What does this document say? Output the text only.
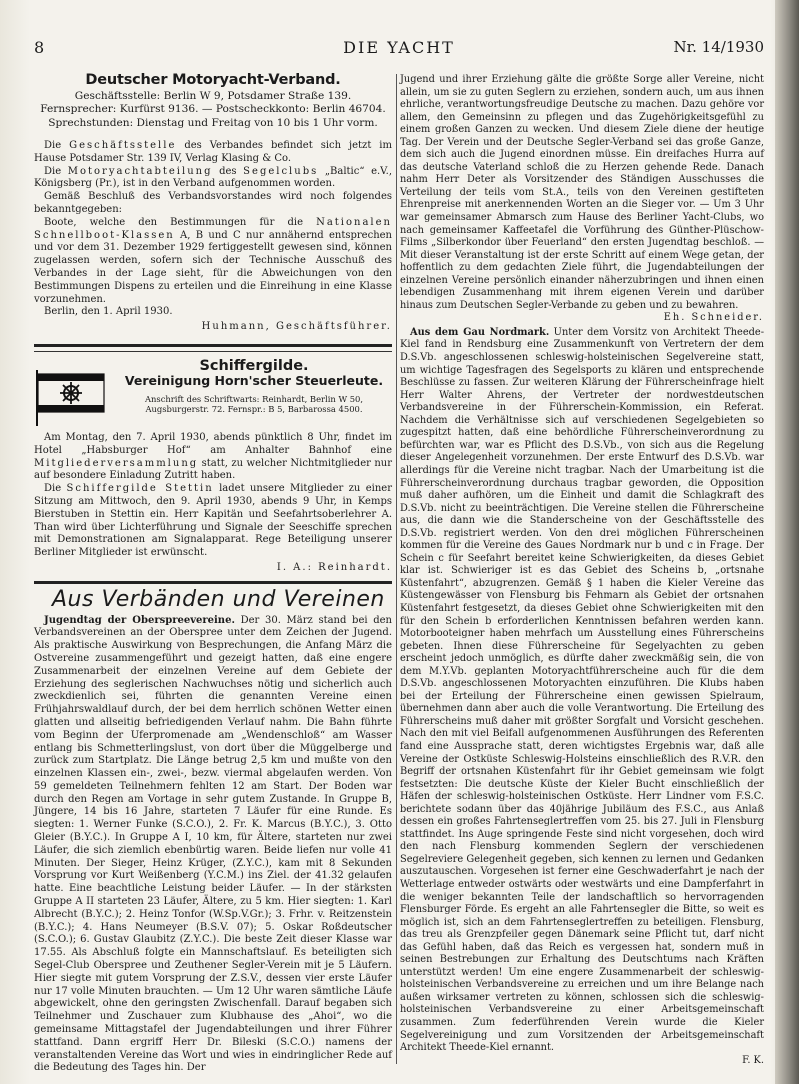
8	DIE YACHT	Nr. 14/1930
Deutscher Motoryacht-Verband.
Geschäftsstelle: Berlin W 9, Potsdamer Straße 139.
Fernsprecher: Kurfürst 9136. — Postscheckkonto: Berlin 46704.
Sprechstunden: Dienstag und Freitag von 10 bis 1 Uhr vorm.

Die Geschäftsstelle des Verbandes befindet sich jetzt im Hause Potsdamer Str. 139 IV, Verlag Klasing & Co.

Die Motoryachtabteilung des Segelclubs „Baltic“ e.V., Königsberg (Pr.), ist in den Verband aufgenommen worden.

Gemäß Beschluß des Verbandsvorstandes wird noch folgendes bekanntgegeben:

Boote, welche den Bestimmungen für die Nationalen Schnellboot-Klassen A, B und C nur annähernd entsprechen und vor dem 31. Dezember 1929 fertiggestellt gewesen sind, können zugelassen werden, sofern sich der Technische Ausschuß des Verbandes in der Lage sieht, für die Abweichungen von den Bestimmungen Dispens zu erteilen und die Einreihung in eine Klasse vorzunehmen.

Berlin, den 1. April 1930.

Huhmann, Geschäftsführer.
Schiffergilde.
Vereinigung Horn'scher Steuerleute.
Anschrift des Schriftwarts: Reinhardt, Berlin W 50,
Augsburgerstr. 72. Fernspr.: B 5, Barbarossa 4500.

Am Montag, den 7. April 1930, abends pünktlich 8 Uhr, findet im Hotel „Habsburger Hof“ am Anhalter Bahnhof eine Mitgliederversammlung statt, zu welcher Nichtmitglieder nur auf besondere Einladung Zutritt haben.

Die Schiffergilde Stettin ladet unsere Mitglieder zu einer Sitzung am Mittwoch, den 9. April 1930, abends 9 Uhr, in Kemps Bierstuben in Stettin ein. Herr Kapitän und Seefahrtsoberlehrer A. Than wird über Lichterführung und Signale der Seeschiffe sprechen mit Demonstrationen am Signalapparat. Rege Beteiligung unserer Berliner Mitglieder ist erwünscht.

I. A.: Reinhardt.
Aus Verbänden und Vereinen

Jugendtag der Oberspreevereine. Der 30. März stand bei den Verbandsvereinen an der Oberspree unter dem Zeichen der Jugend. Als praktische Auswirkung von Besprechungen, die Anfang März die Ostvereine zusammengeführt und gezeigt hatten, daß eine engere Zusammenarbeit der einzelnen Vereine auf dem Gebiete der Erziehung des seglerischen Nachwuchses nötig und sicherlich auch zweckdienlich sei, führten die genannten Vereine einen Frühjahrswaldlauf durch, der bei dem herrlich schönen Wetter einen glatten und allseitig befriedigenden Verlauf nahm. Die Bahn führte vom Beginn der Uferpromenade am „Wendenschloß“ am Wasser entlang bis Schmetterlingslust, von dort über die Müggelberge und zurück zum Startplatz. Die Länge betrug 2,5 km und mußte von den einzelnen Klassen ein-, zwei-, bezw. viermal abgelaufen werden. Von 59 gemeldeten Teilnehmern fehlten 12 am Start. Der Boden war durch den Regen am Vortage in sehr gutem Zustande. In Gruppe B, Jüngere, 14 bis 16 Jahre, starteten 7 Läufer für eine Runde. Es siegten: 1. Werner Funke (S.C.O.), 2. Fr. K. Marcus (B.Y.C.), 3. Otto Gleier (B.Y.C.). In Gruppe A I, 10 km, für Ältere, starteten nur zwei Läufer, die sich ziemlich ebenbürtig waren. Beide liefen nur volle 41 Minuten. Der Sieger, Heinz Krüger, (Z.Y.C.), kam mit 8 Sekunden Vorsprung vor Kurt Weißenberg (Y.C.M.) ins Ziel. der 41.32 gelaufen hatte. Eine beachtliche Leistung beider Läufer. — In der stärksten Gruppe A II starteten 23 Läufer, Ältere, zu 5 km. Hier siegten: 1. Karl Albrecht (B.Y.C.); 2. Heinz Tonfor (W.Sp.V.Gr.); 3. Frhr. v. Reitzenstein (B.Y.C.); 4. Hans Neumeyer (B.S.V. 07); 5. Oskar Roßdeutscher (S.C.O.); 6. Gustav Glaubitz (Z.Y.C.). Die beste Zeit dieser Klasse war 17.55. Als Abschluß folgte ein Mannschaftslauf. Es beteiligten sich Segel-Club Oberspree und Zeuthener Segler-Verein mit je 5 Läufern. Hier siegte mit gutem Vorsprung der Z.S.V., dessen vier erste Läufer nur 17 volle Minuten brauchten. — Um 12 Uhr waren sämtliche Läufe abgewickelt, ohne den geringsten Zwischenfall. Darauf begaben sich Teilnehmer und Zuschauer zum Klubhause des „Ahoi“, wo die gemeinsame Mittagstafel der Jugendabteilungen und ihrer Führer stattfand. Dann ergriff Herr Dr. Bileski (S.C.O.) namens der veranstaltenden Vereine das Wort und wies in eindringlicher Rede auf die Bedeutung des Tages hin. Der

Jugend und ihrer Erziehung gälte die größte Sorge aller Vereine, nicht allein, um sie zu guten Seglern zu erziehen, sondern auch, um aus ihnen ehrliche, verantwortungsfreudige Deutsche zu machen. Dazu gehöre vor allem, den Gemeinsinn zu pflegen und das Zugehörigkeitsgefühl zu einem großen Ganzen zu wecken. Und diesem Ziele diene der heutige Tag. Der Verein und der Deutsche Segler-Verband sei das große Ganze, dem sich auch die Jugend einordnen müsse. Ein dreifaches Hurra auf das deutsche Vaterland schloß die zu Herzen gehende Rede. Danach nahm Herr Deter als Vorsitzender des Ständigen Ausschusses die Verteilung der teils vom St.A., teils von den Vereinen gestifteten Ehrenpreise mit anerkennenden Worten an die Sieger vor. — Um 3 Uhr war gemeinsamer Abmarsch zum Hause des Berliner Yacht-Clubs, wo nach gemeinsamer Kaffeetafel die Vorführung des Günther-Plüschow-Films „Silberkondor über Feuerland“ den ersten Jugendtag beschloß. — Mit dieser Veranstaltung ist der erste Schritt auf einem Wege getan, der hoffentlich zu dem gedachten Ziele führt, die Jugendabteilungen der einzelnen Vereine persönlich einander näherzubringen und ihnen einen lebendigen Zusammenhang mit ihrem eigenen Verein und darüber hinaus zum Deutschen Segler-Verbande zu geben und zu bewahren.

Eh. Schneider.

Aus dem Gau Nordmark. Unter dem Vorsitz von Architekt Theede-Kiel fand in Rendsburg eine Zusammenkunft von Vertretern der dem D.S.Vb. angeschlossenen schleswig-holsteinischen Segelvereine statt, um wichtige Tagesfragen des Segelsports zu klären und entsprechende Beschlüsse zu fassen. Zur weiteren Klärung der Führerscheinfrage hielt Herr Walter Ahrens, der Vertreter der nordwestdeutschen Verbandsvereine in der Führerschein-Kommission, ein Referat. Nachdem die Verhältnisse sich auf verschiedenen Segelgebieten so zugespitzt hatten, daß eine behördliche Führerscheinverordnung zu befürchten war, war es Pflicht des D.S.Vb., von sich aus die Regelung dieser Angelegenheit vorzunehmen. Der erste Entwurf des D.S.Vb. war allerdings für die Vereine nicht tragbar. Nach der Umarbeitung ist die Führerscheinverordnung durchaus tragbar geworden, die Opposition muß daher aufhören, um die Einheit und damit die Schlagkraft des D.S.Vb. nicht zu beeinträchtigen. Die Vereine stellen die Führerscheine aus, die dann wie die Standerscheine von der Geschäftsstelle des D.S.Vb. registriert werden. Von den drei möglichen Führerscheinen kommen für die Vereine des Gaues Nordmark nur b und c in Frage. Der Schein c für Seefahrt bereitet keine Schwierigkeiten, da dieses Gebiet klar ist. Schwieriger ist es das Gebiet des Scheins b, „ortsnahe Küstenfahrt“, abzugrenzen. Gemäß § 1 haben die Kieler Vereine das Küstengewässer von Flensburg bis Fehmarn als Gebiet der ortsnahen Küstenfahrt festgesetzt, da dieses Gebiet ohne Schwierigkeiten mit den für den Schein b erforderlichen Kenntnissen befahren werden kann. Motorbooteigner haben mehrfach um Ausstellung eines Führerscheins gebeten. Ihnen diese Führerscheine für Segelyachten zu geben erscheint jedoch unmöglich, es dürfte daher zweckmäßig sein, die von dem M.Y.Vb. geplanten Motoryachtführerscheine auch für die dem D.S.Vb. angeschlossenen Motoryachten einzuführen. Die Klubs haben bei der Erteilung der Führerscheine einen gewissen Spielraum, übernehmen dann aber auch die volle Verantwortung. Die Erteilung des Führerscheins muß daher mit größter Sorgfalt und Vorsicht geschehen. Nach den mit viel Beifall aufgenommenen Ausführungen des Referenten fand eine Aussprache statt, deren wichtigstes Ergebnis war, daß alle Vereine der Ostküste Schleswig-Holsteins einschließlich des R.V.R. den Begriff der ortsnahen Küstenfahrt für ihr Gebiet gemeinsam wie folgt festsetzten: Die deutsche Küste der Kieler Bucht einschließlich der Häfen der schleswig-holsteinischen Ostküste. Herr Lindner vom F.S.C. berichtete sodann über das 40jährige Jubiläum des F.S.C., aus Anlaß dessen ein großes Fahrtenseglertreffen vom 25. bis 27. Juli in Flensburg stattfindet. Ins Auge springende Feste sind nicht vorgesehen, doch wird den nach Flensburg kommenden Seglern der verschiedenen Segelreviere Gelegenheit gegeben, sich kennen zu lernen und Gedanken auszutauschen. Vorgesehen ist ferner eine Geschwaderfahrt je nach der Wetterlage entweder ostwärts oder westwärts und eine Dampferfahrt in die weniger bekannten Teile der landschaftlich so hervorragenden Flensburger Förde. Es ergeht an alle Fahrtensegler die Bitte, so weit es möglich ist, sich an dem Fahrtenseglertreffen zu beteiligen. Flensburg, das treu als Grenzpfeiler gegen Dänemark seine Pflicht tut, darf nicht das Gefühl haben, daß das Reich es vergessen hat, sondern muß in seinen Bestrebungen zur Erhaltung des Deutschtums nach Kräften unterstützt werden! Um eine engere Zusammenarbeit der schleswig-holsteinischen Verbandsvereine zu erreichen und um ihre Belange nach außen wirksamer vertreten zu können, schlossen sich die schleswig-holsteinischen Verbandsvereine zu einer Arbeitsgemeinschaft zusammen. Zum federführenden Verein wurde die Kieler Segelvereinigung und zum Vorsitzenden der Arbeitsgemeinschaft Architekt Theede-Kiel ernannt.

F. K.
